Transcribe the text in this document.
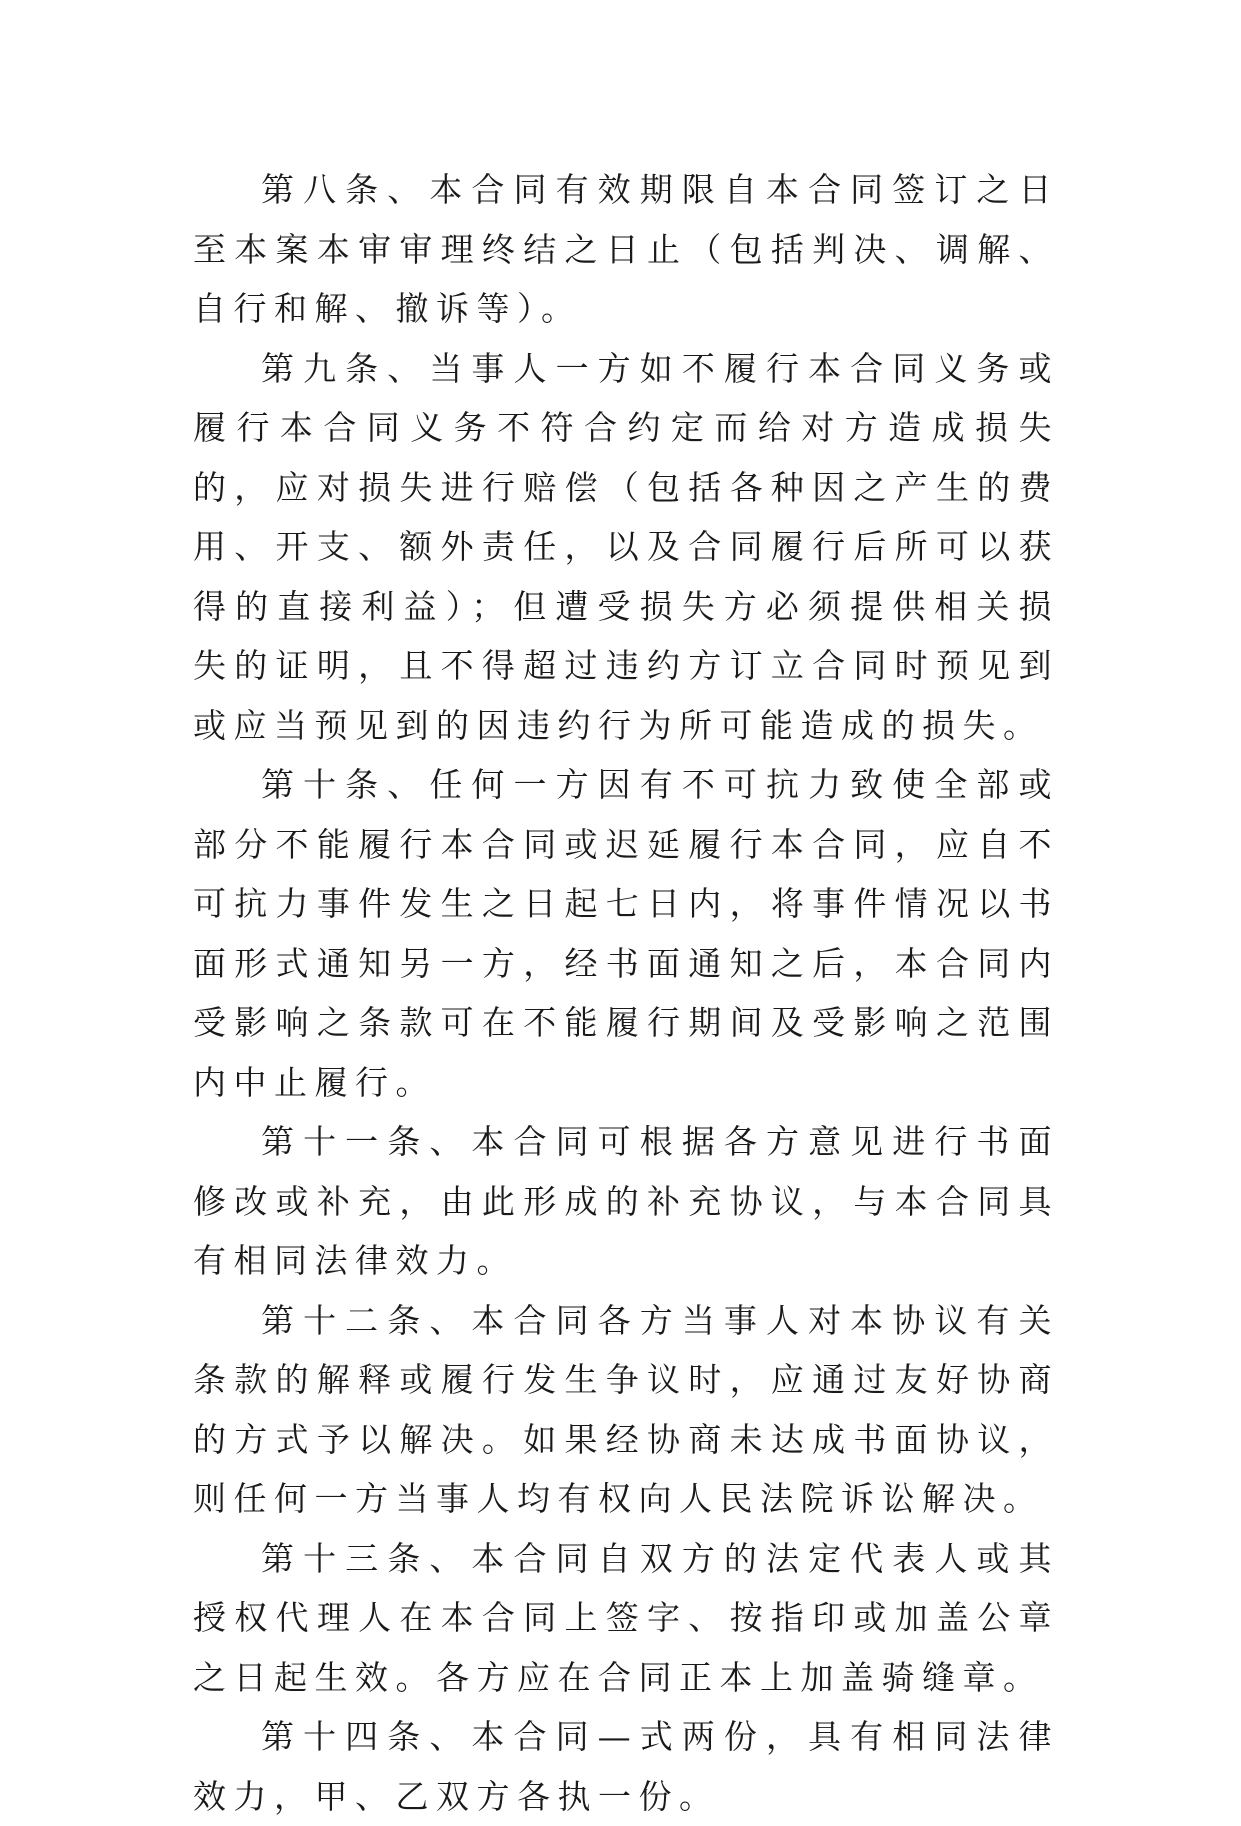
第八条、本合同有效期限自本合同签订之日至本案本审审理终结之日止（包括判决、调解、自行和解、撤诉等）。

第九条、当事人一方如不履行本合同义务或履行本合同义务不符合约定而给对方造成损失的，应对损失进行赔偿（包括各种因之产生的费用、开支、额外责任，以及合同履行后所可以获得的直接利益）；但遭受损失方必须提供相关损失的证明，且不得超过违约方订立合同时预见到或应当预见到的因违约行为所可能造成的损失。

第十条、任何一方因有不可抗力致使全部或部分不能履行本合同或迟延履行本合同，应自不可抗力事件发生之日起七日内，将事件情况以书面形式通知另一方，经书面通知之后，本合同内受影响之条款可在不能履行期间及受影响之范围内中止履行。

第十一条、本合同可根据各方意见进行书面修改或补充，由此形成的补充协议，与本合同具有相同法律效力。

第十二条、本合同各方当事人对本协议有关条款的解释或履行发生争议时，应通过友好协商的方式予以解决。如果经协商未达成书面协议，则任何一方当事人均有权向人民法院诉讼解决。

第十三条、本合同自双方的法定代表人或其授权代理人在本合同上签字、按指印或加盖公章之日起生效。各方应在合同正本上加盖骑缝章。

第十四条、本合同—式两份，具有相同法律效力，甲、乙双方各执一份。
